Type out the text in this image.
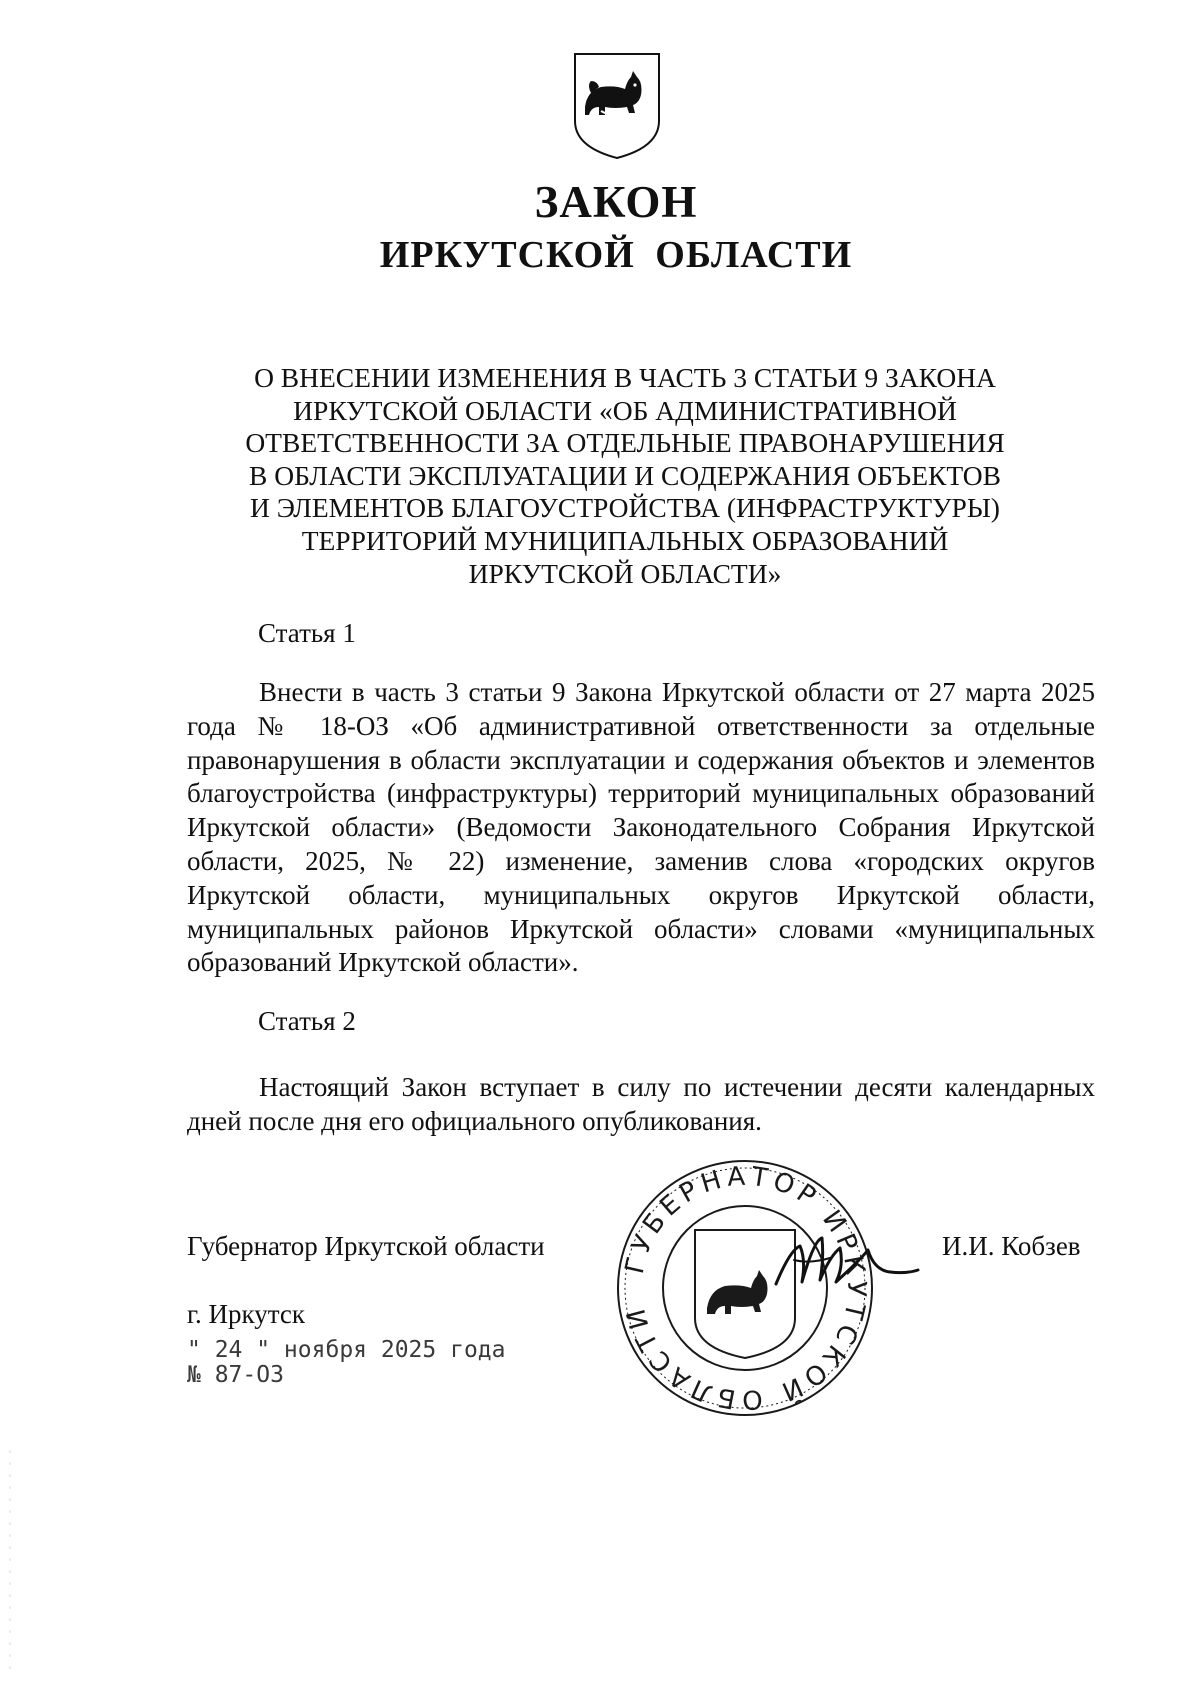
ЗАКОН
ИРКУТСКОЙ ОБЛАСТИ
О ВНЕСЕНИИ ИЗМЕНЕНИЯ В ЧАСТЬ 3 СТАТЬИ 9 ЗАКОНА
ИРКУТСКОЙ ОБЛАСТИ «ОБ АДМИНИСТРАТИВНОЙ
ОТВЕТСТВЕННОСТИ ЗА ОТДЕЛЬНЫЕ ПРАВОНАРУШЕНИЯ
В ОБЛАСТИ ЭКСПЛУАТАЦИИ И СОДЕРЖАНИЯ ОБЪЕКТОВ
И ЭЛЕМЕНТОВ БЛАГОУСТРОЙСТВА (ИНФРАСТРУКТУРЫ)
ТЕРРИТОРИЙ МУНИЦИПАЛЬНЫХ ОБРАЗОВАНИЙ
ИРКУТСКОЙ ОБЛАСТИ»
Статья 1
Внести в часть 3 статьи 9 Закона Иркутской области от 27 марта 2025 года № 18-ОЗ «Об административной ответственности за отдельные правонарушения в области эксплуатации и содержания объектов и элементов благоустройства (инфраструктуры) территорий муниципальных образований Иркутской области» (Ведомости Законодательного Собрания Иркутской области, 2025, № 22) изменение, заменив слова «городских округов Иркутской области, муниципальных округов Иркутской области, муниципальных районов Иркутской области» словами «муниципальных образований Иркутской области».
Статья 2
Настоящий Закон вступает в силу по истечении десяти календарных дней после дня его официального опубликования.
Губернатор Иркутской области
ГУБЕРНАТОР ИРКУТСКОЙ ОБЛАСТИ
И.И. Кобзев
г. Иркутск
" 24 " ноября 2025 года
№ 87-ОЗ
